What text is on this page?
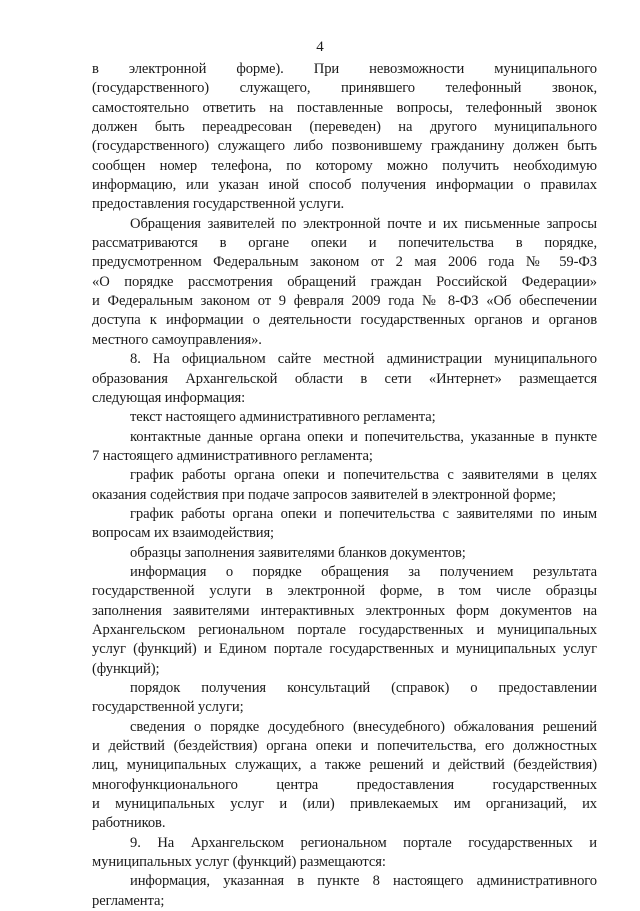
4
в электронной форме). При невозможности муниципального
(государственного) служащего, принявшего телефонный звонок,
самостоятельно ответить на поставленные вопросы, телефонный звонок
должен быть переадресован (переведен) на другого муниципального
(государственного) служащего либо позвонившему гражданину должен быть
сообщен номер телефона, по которому можно получить необходимую
информацию, или указан иной способ получения информации о правилах
предоставления государственной услуги.
Обращения заявителей по электронной почте и их письменные запросы
рассматриваются в органе опеки и попечительства в порядке,
предусмотренном Федеральным законом от 2 мая 2006 года № 59-ФЗ
«О порядке рассмотрения обращений граждан Российской Федерации»
и Федеральным законом от 9 февраля 2009 года № 8-ФЗ «Об обеспечении
доступа к информации о деятельности государственных органов и органов
местного самоуправления».
8. На официальном сайте местной администрации муниципального
образования Архангельской области в сети «Интернет» размещается
следующая информация:
текст настоящего административного регламента;
контактные данные органа опеки и попечительства, указанные в пункте
7 настоящего административного регламента;
график работы органа опеки и попечительства с заявителями в целях
оказания содействия при подаче запросов заявителей в электронной форме;
график работы органа опеки и попечительства с заявителями по иным
вопросам их взаимодействия;
образцы заполнения заявителями бланков документов;
информация о порядке обращения за получением результата
государственной услуги в электронной форме, в том числе образцы
заполнения заявителями интерактивных электронных форм документов на
Архангельском региональном портале государственных и муниципальных
услуг (функций) и Едином портале государственных и муниципальных услуг
(функций);
порядок получения консультаций (справок) о предоставлении
государственной услуги;
сведения о порядке досудебного (внесудебного) обжалования решений
и действий (бездействия) органа опеки и попечительства, его должностных
лиц, муниципальных служащих, а также решений и действий (бездействия)
многофункционального центра предоставления государственных
и муниципальных услуг и (или) привлекаемых им организаций, их
работников.
9. На Архангельском региональном портале государственных и
муниципальных услуг (функций) размещаются:
информация, указанная в пункте 8 настоящего административного
регламента;
